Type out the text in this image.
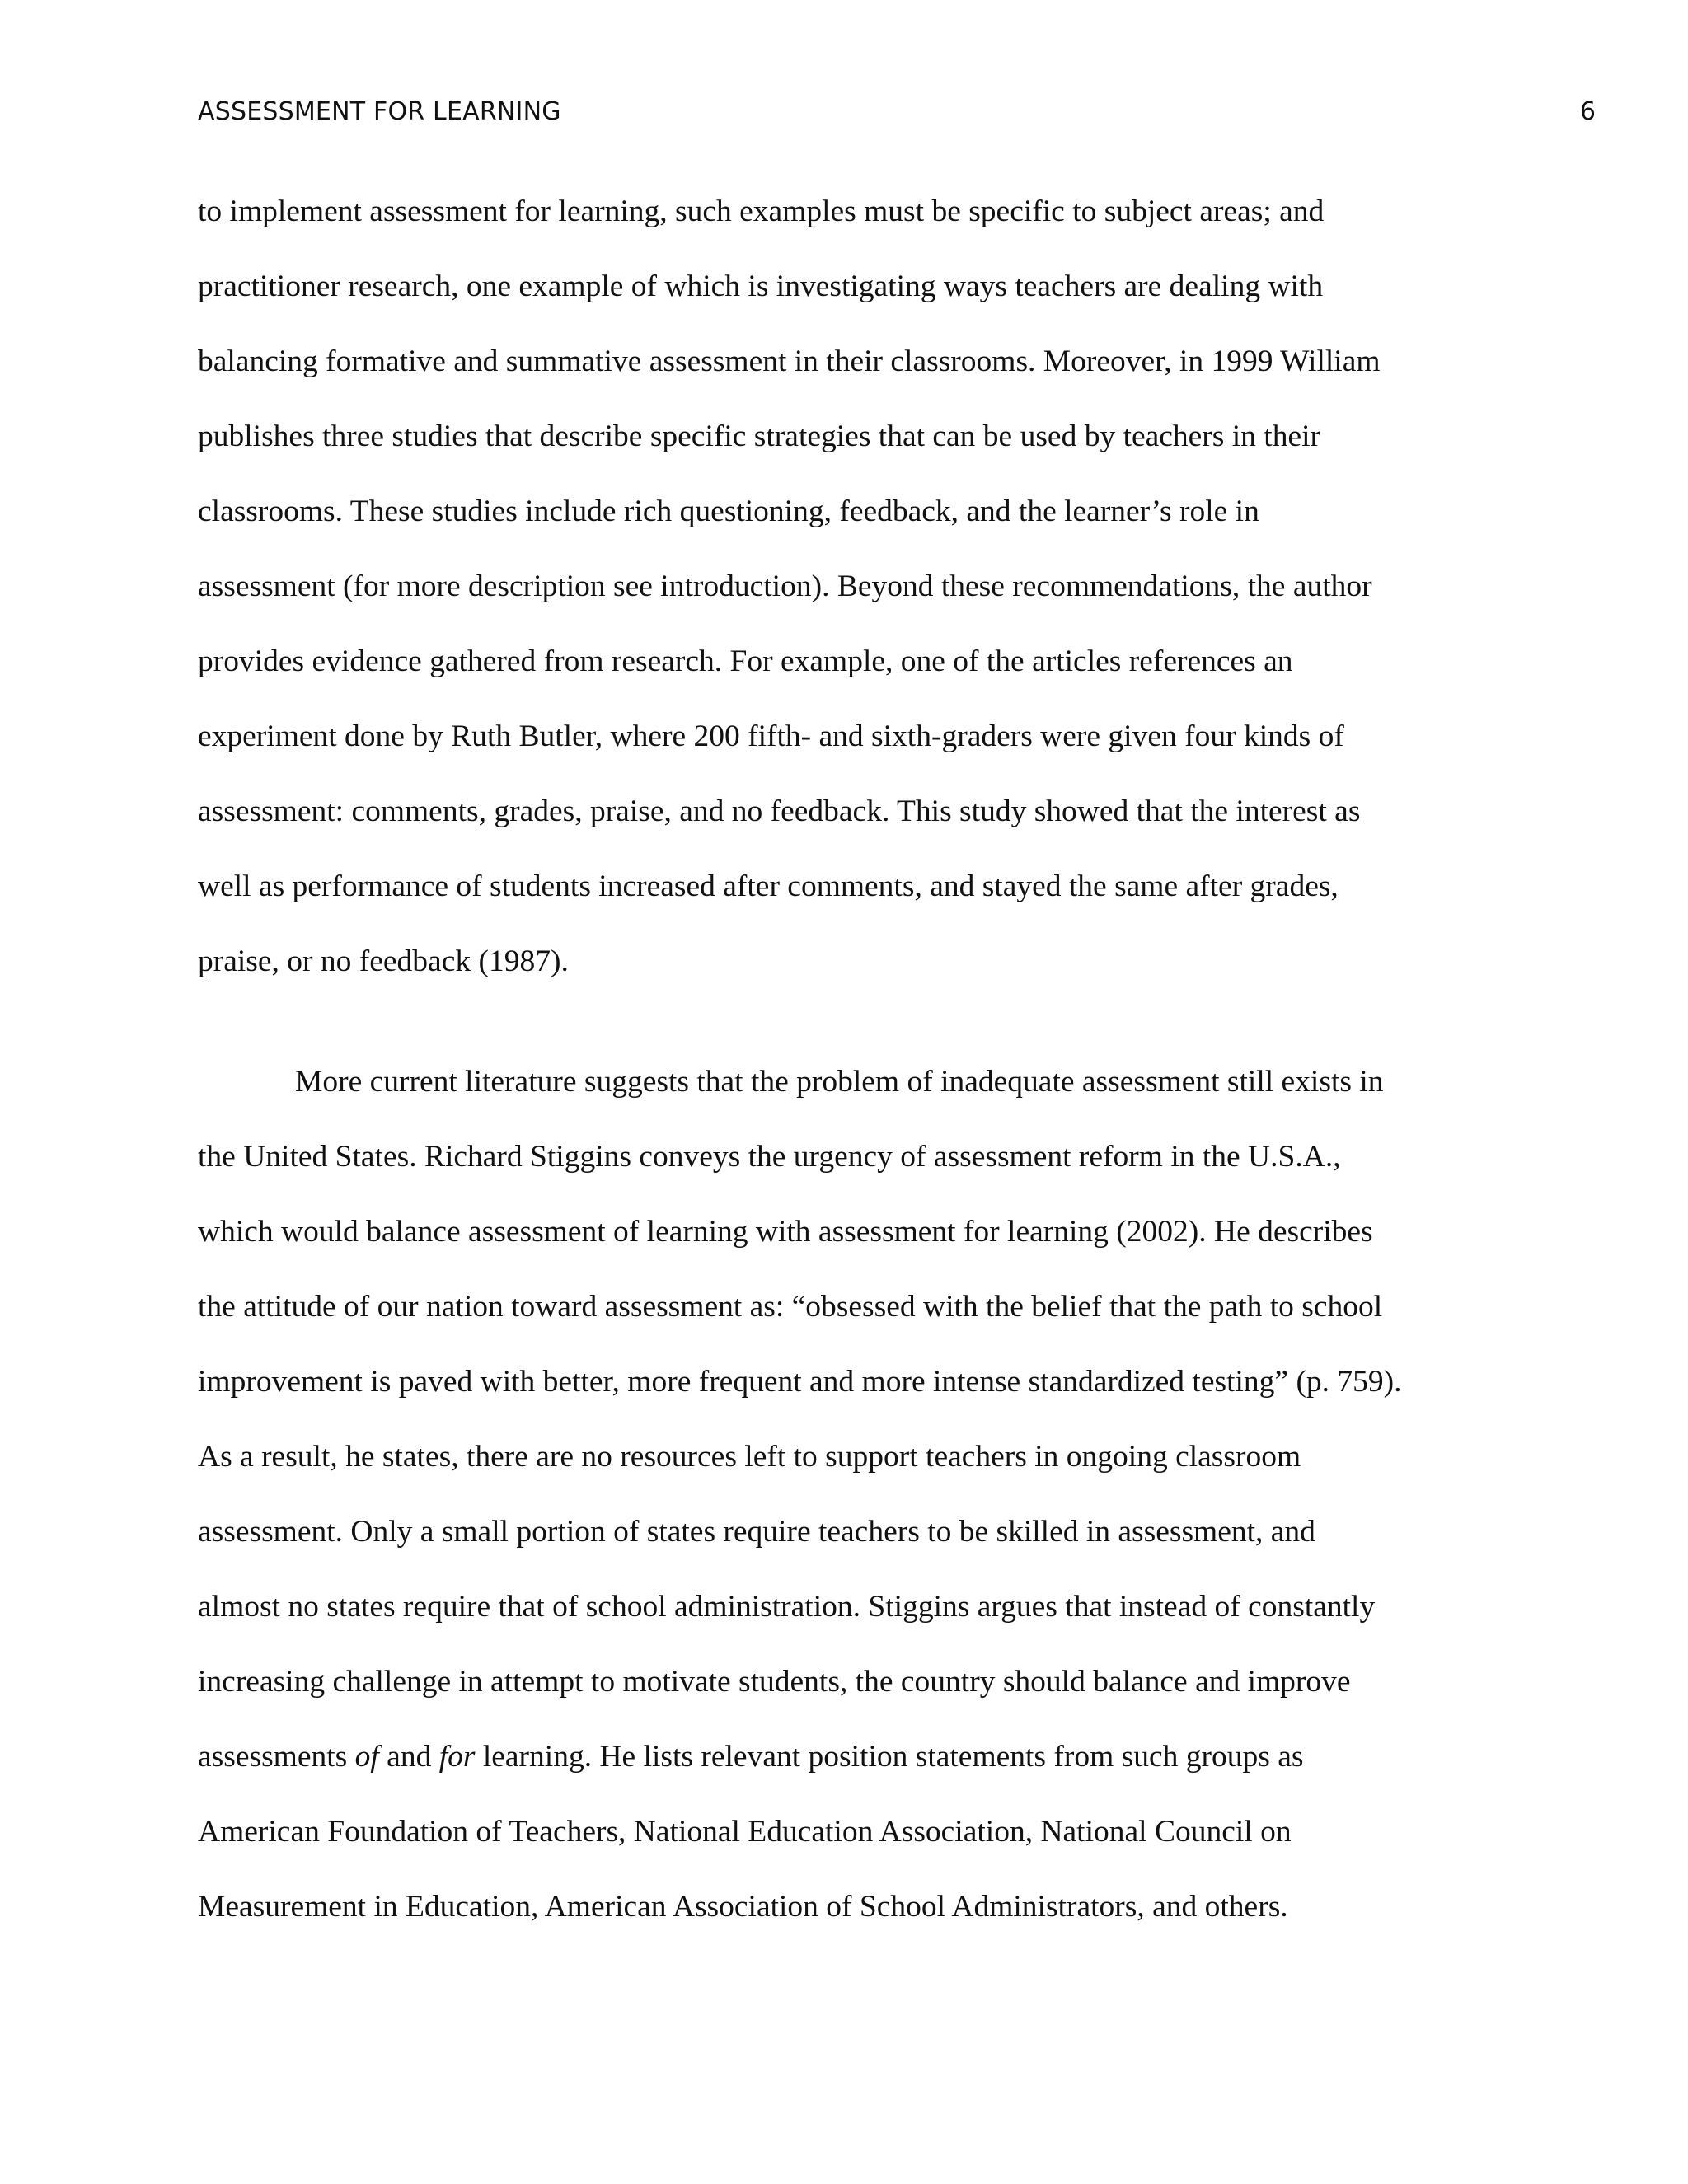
ASSESSMENT FOR LEARNING	6
to implement assessment for learning, such examples must be specific to subject areas; and
practitioner research, one example of which is investigating ways teachers are dealing with
balancing formative and summative assessment in their classrooms. Moreover, in 1999 William
publishes three studies that describe specific strategies that can be used by teachers in their
classrooms. These studies include rich questioning, feedback, and the learner’s role in
assessment (for more description see introduction). Beyond these recommendations, the author
provides evidence gathered from research. For example, one of the articles references an
experiment done by Ruth Butler, where 200 fifth- and sixth-graders were given four kinds of
assessment: comments, grades, praise, and no feedback. This study showed that the interest as
well as performance of students increased after comments, and stayed the same after grades,
praise, or no feedback (1987).
More current literature suggests that the problem of inadequate assessment still exists in
the United States. Richard Stiggins conveys the urgency of assessment reform in the U.S.A.,
which would balance assessment of learning with assessment for learning (2002). He describes
the attitude of our nation toward assessment as: “obsessed with the belief that the path to school
improvement is paved with better, more frequent and more intense standardized testing” (p. 759).
As a result, he states, there are no resources left to support teachers in ongoing classroom
assessment. Only a small portion of states require teachers to be skilled in assessment, and
almost no states require that of school administration. Stiggins argues that instead of constantly
increasing challenge in attempt to motivate students, the country should balance and improve
assessments of and for learning. He lists relevant position statements from such groups as
American Foundation of Teachers, National Education Association, National Council on
Measurement in Education, American Association of School Administrators, and others.
